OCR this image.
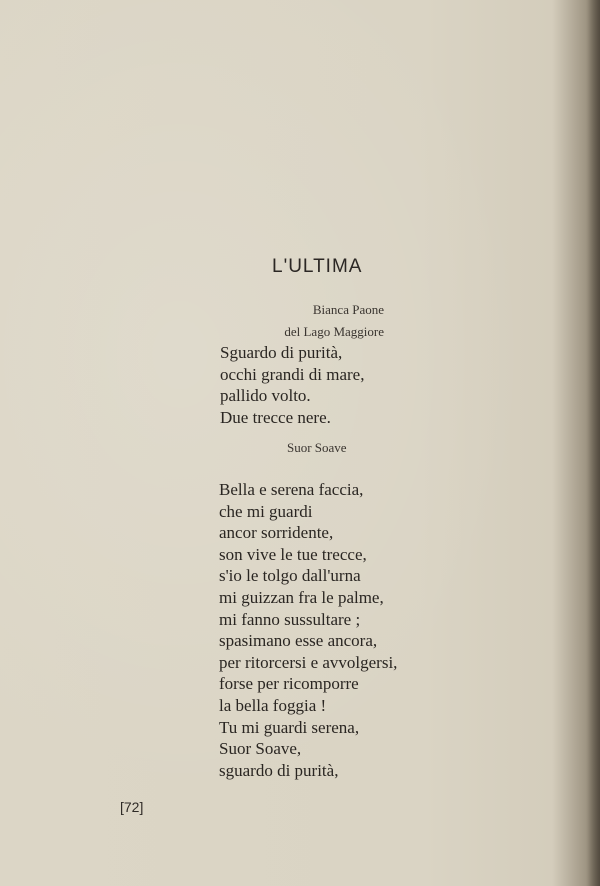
L'ULTIMA
Bianca Paone
del Lago Maggiore
Sguardo di purità,
occhi grandi di mare,
pallido volto.
Due trecce nere.
Suor Soave
Bella e serena faccia,
che mi guardi
ancor sorridente,
son vive le tue trecce,
s'io le tolgo dall'urna
mi guizzan fra le palme,
mi fanno sussultare ;
spasimano esse ancora,
per ritorcersi e avvolgersi,
forse per ricomporre
la bella foggia !
Tu mi guardi serena,
Suor Soave,
sguardo di purità,
[72]
